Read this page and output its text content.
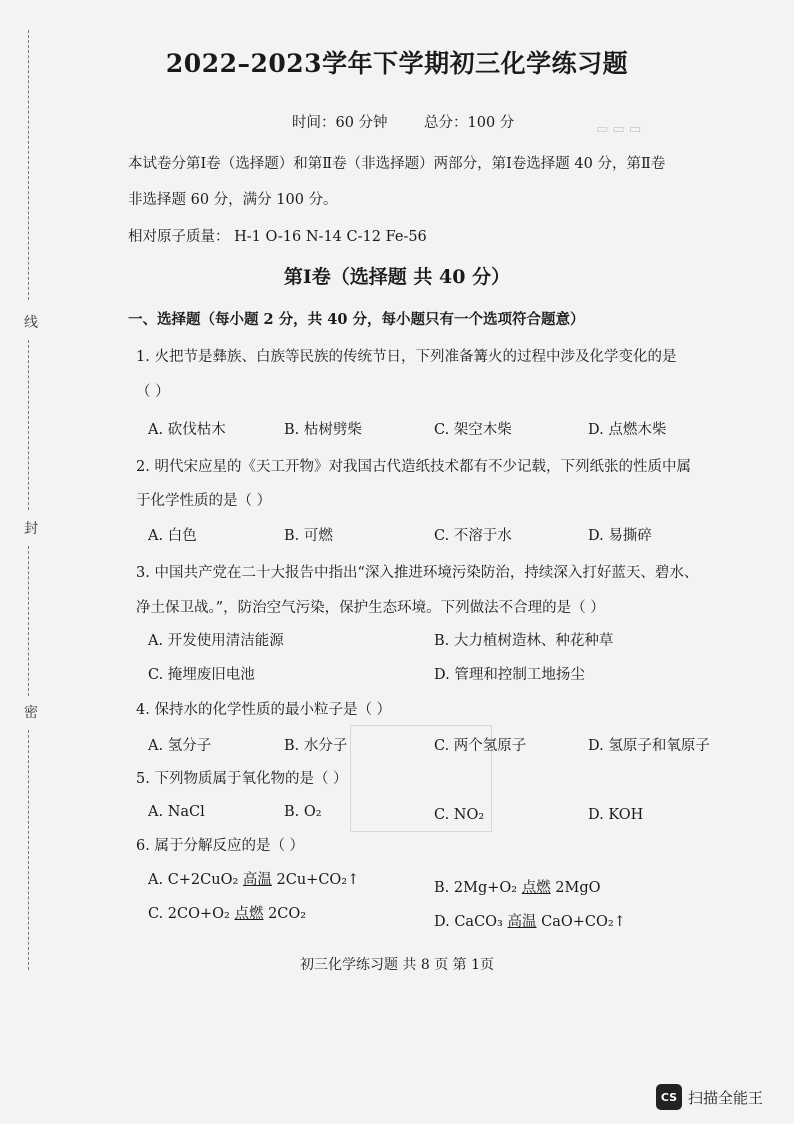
▭ ▭ ▭
线
封
密
2022–2023学年下学期初三化学练习题
时间：60 分钟	总分：100 分
本试卷分第Ⅰ卷（选择题）和第Ⅱ卷（非选择题）两部分，第Ⅰ卷选择题 40 分，第Ⅱ卷
非选择题 60 分，满分 100 分。
相对原子质量： H-1 O-16 N-14 C-12 Fe-56
第Ⅰ卷（选择题 共 40 分）
一、选择题（每小题 2 分，共 40 分，每小题只有一个选项符合题意）
1. 火把节是彝族、白族等民族的传统节日，下列准备篝火的过程中涉及化学变化的是
（ ）
A. 砍伐枯木	B. 枯树劈柴	C. 架空木柴	D. 点燃木柴
2. 明代宋应星的《天工开物》对我国古代造纸技术都有不少记载，下列纸张的性质中属
于化学性质的是（ ）
A. 白色	B. 可燃	C. 不溶于水	D. 易撕碎
3. 中国共产党在二十大报告中指出“深入推进环境污染防治，持续深入打好蓝天、碧水、
净土保卫战。”，防治空气污染，保护生态环境。下列做法不合理的是（ ）
A. 开发使用清洁能源	B. 大力植树造林、种花种草
C. 掩埋废旧电池	D. 管理和控制工地扬尘
4. 保持水的化学性质的最小粒子是（ ）
A. 氢分子	B. 水分子	C. 两个氢原子	D. 氢原子和氧原子
5. 下列物质属于氧化物的是（ ）
A. NaCl	B. O₂	C. NO₂	D. KOH
6. 属于分解反应的是（ ）
A. C+2CuO₂ 高温 2Cu+CO₂↑	B. 2Mg+O₂ 点燃 2MgO
C. 2CO+O₂ 点燃 2CO₂	D. CaCO₃ 高温 CaO+CO₂↑
初三化学练习题 共 8 页 第 1页
CS 扫描全能王
